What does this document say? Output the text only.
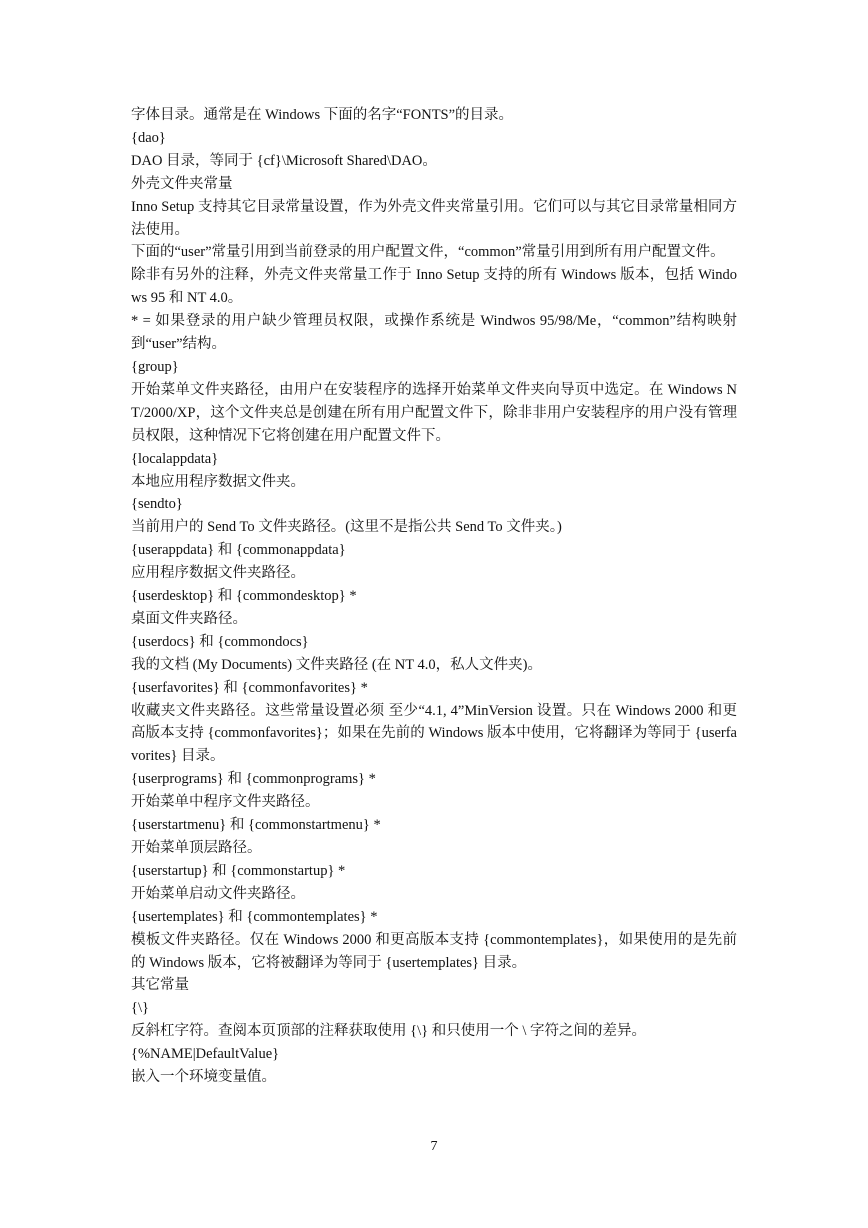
字体目录。通常是在 Windows 下面的名字“FONTS”的目录。

{dao}

DAO 目录，等同于 {cf}\Microsoft Shared\DAO。

外壳文件夹常量

Inno Setup 支持其它目录常量设置，作为外壳文件夹常量引用。它们可以与其它目录常量相同方法使用。

下面的“user”常量引用到当前登录的用户配置文件，“common”常量引用到所有用户配置文件。

除非有另外的注释，外壳文件夹常量工作于 Inno Setup 支持的所有 Windows 版本，包括 Windows 95 和 NT 4.0。

* = 如果登录的用户缺少管理员权限，或操作系统是 Windwos 95/98/Me，“common”结构映射到“user”结构。

{group}

开始菜单文件夹路径，由用户在安装程序的选择开始菜单文件夹向导页中选定。在 Windows NT/2000/XP，这个文件夹总是创建在所有用户配置文件下，除非非用户安装程序的用户没有管理员权限，这种情况下它将创建在用户配置文件下。

{localappdata}

本地应用程序数据文件夹。

{sendto}

当前用户的 Send To 文件夹路径。(这里不是指公共 Send To 文件夹。)

{userappdata} 和 {commonappdata}

应用程序数据文件夹路径。

{userdesktop} 和 {commondesktop} *

桌面文件夹路径。

{userdocs} 和 {commondocs}

我的文档 (My Documents) 文件夹路径 (在 NT 4.0，私人文件夹)。

{userfavorites} 和 {commonfavorites} *

收藏夹文件夹路径。这些常量设置必须 至少“4.1, 4”MinVersion 设置。只在 Windows 2000 和更高版本支持 {commonfavorites}；如果在先前的 Windows 版本中使用，它将翻译为等同于 {userfavorites} 目录。

{userprograms} 和 {commonprograms} *

开始菜单中程序文件夹路径。

{userstartmenu} 和 {commonstartmenu} *

开始菜单顶层路径。

{userstartup} 和 {commonstartup} *

开始菜单启动文件夹路径。

{usertemplates} 和 {commontemplates} *

模板文件夹路径。仅在 Windows 2000 和更高版本支持 {commontemplates}，如果使用的是先前的 Windows 版本，它将被翻译为等同于 {usertemplates} 目录。

其它常量

{\}

反斜杠字符。查阅本页顶部的注释获取使用 {\} 和只使用一个 \ 字符之间的差异。

{%NAME|DefaultValue}

嵌入一个环境变量值。

7
